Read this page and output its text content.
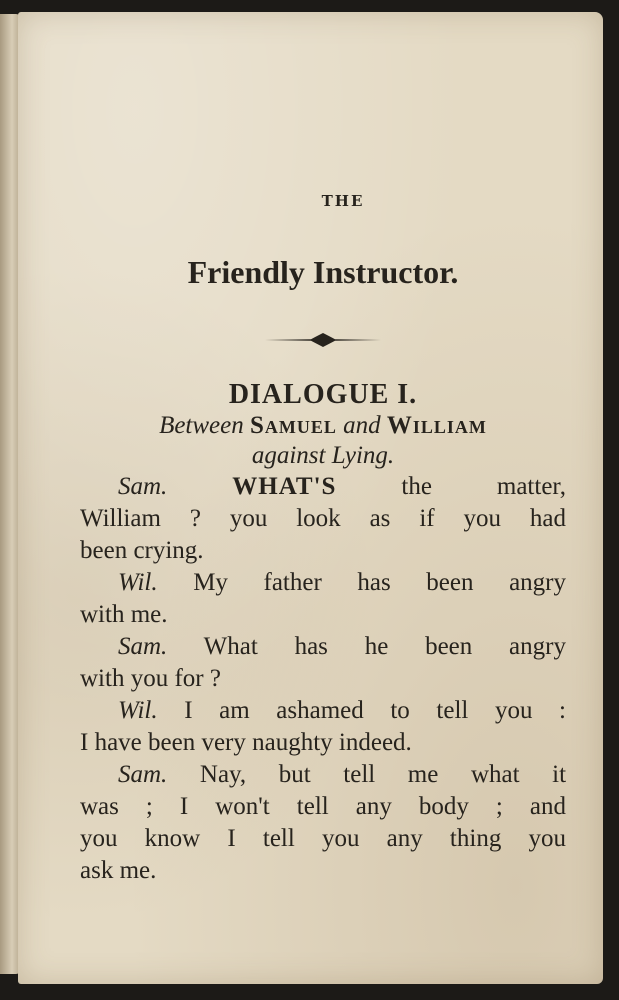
THE
Friendly Instructor.
DIALOGUE I.
Between Samuel and William
against Lying.
Sam.	WHAT'S	the matter,
William ? you look as if you had
been crying.
Wil. My father has been angry
with me.
Sam. What has he been angry
with you for ?
Wil. I am ashamed to tell you :
I have been very naughty indeed.
Sam. Nay, but tell me what it
was ; I won't tell any body ; and
you know I tell you any thing you
ask me.
